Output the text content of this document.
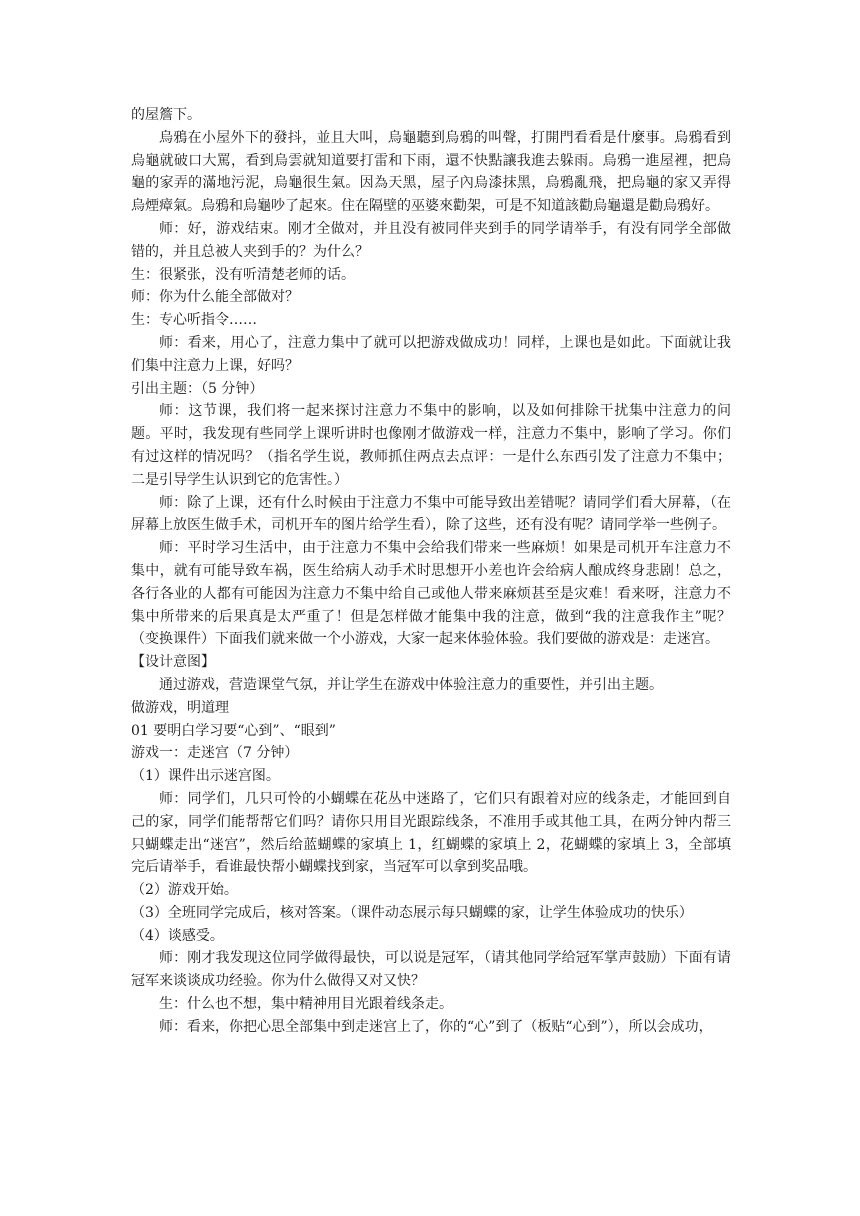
的屋簷下。

烏鴉在小屋外下的發抖，並且大叫，烏龜聽到烏鴉的叫聲，打開門看看是什麼事。烏鴉看到烏龜就破口大罵，看到烏雲就知道要打雷和下雨，還不快點讓我進去躲雨。烏鴉一進屋裡，把烏龜的家弄的滿地污泥，烏龜很生氣。因為天黑，屋子內烏漆抹黑，烏鴉亂飛，把烏龜的家又弄得烏煙瘴氣。烏鴉和烏龜吵了起來。住在隔壁的巫婆來勸架，可是不知道該勸烏龜還是勸烏鴉好。

师：好，游戏结束。刚才全做对，并且没有被同伴夹到手的同学请举手，有没有同学全部做错的，并且总被人夹到手的？为什么？

生：很紧张，没有听清楚老师的话。

师：你为什么能全部做对？

生：专心听指令……

师：看来，用心了，注意力集中了就可以把游戏做成功！同样，上课也是如此。下面就让我们集中注意力上课，好吗？

引出主题：（5 分钟）

师：这节课，我们将一起来探讨注意力不集中的影响，以及如何排除干扰集中注意力的问题。平时，我发现有些同学上课听讲时也像刚才做游戏一样，注意力不集中，影响了学习。你们有过这样的情况吗？（指名学生说，教师抓住两点去点评：一是什么东西引发了注意力不集中；二是引导学生认识到它的危害性。）

师：除了上课，还有什么时候由于注意力不集中可能导致出差错呢？请同学们看大屏幕，（在屏幕上放医生做手术，司机开车的图片给学生看），除了这些，还有没有呢？请同学举一些例子。

师：平时学习生活中，由于注意力不集中会给我们带来一些麻烦！如果是司机开车注意力不集中，就有可能导致车祸，医生给病人动手术时思想开小差也许会给病人酿成终身悲剧！总之，各行各业的人都有可能因为注意力不集中给自己或他人带来麻烦甚至是灾难！看来呀，注意力不集中所带来的后果真是太严重了！但是怎样做才能集中我的注意，做到“我的注意我作主”呢？（变换课件）下面我们就来做一个小游戏，大家一起来体验体验。我们要做的游戏是：走迷宫。

【设计意图】

通过游戏，营造课堂气氛，并让学生在游戏中体验注意力的重要性，并引出主题。

做游戏，明道理

01 要明白学习要“心到”、“眼到”

游戏一：走迷宫（7 分钟）

（1）课件出示迷宫图。

师：同学们，几只可怜的小蝴蝶在花丛中迷路了，它们只有跟着对应的线条走，才能回到自 己的家，同学们能帮帮它们吗？请你只用目光跟踪线条，不准用手或其他工具，在两分钟内帮三只蝴蝶走出“迷宫”，然后给蓝蝴蝶的家填上 1，红蝴蝶的家填上 2，花蝴蝶的家填上 3，全部填完后请举手，看谁最快帮小蝴蝶找到家，当冠军可以拿到奖品哦。

（2）游戏开始。

（3）全班同学完成后，核对答案。（课件动态展示每只蝴蝶的家，让学生体验成功的快乐）

（4）谈感受。

师：刚才我发现这位同学做得最快，可以说是冠军，（请其他同学给冠军掌声鼓励）下面有请冠军来谈谈成功经验。你为什么做得又对又快？

生：什么也不想，集中精神用目光跟着线条走。

师：看来，你把心思全部集中到走迷宫上了，你的“心”到了（板贴“心到”），所以会成功，
